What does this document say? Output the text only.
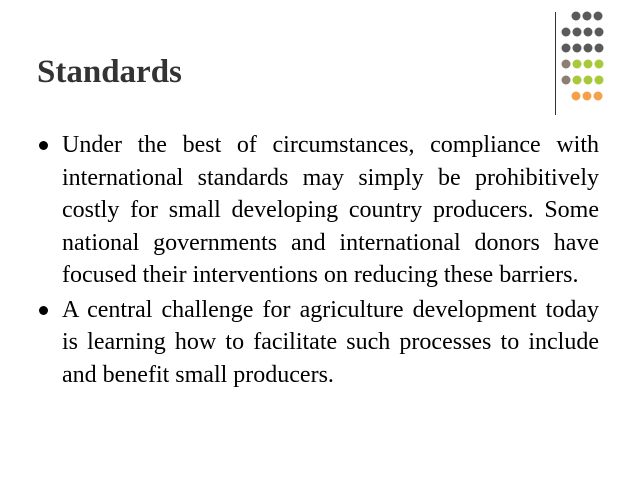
Standards
Under the best of circumstances, compliance with international standards may simply be prohibitively costly for small developing country producers. Some national governments and international donors have focused their interventions on reducing these barriers.
A central challenge for agriculture development today is learning how to facilitate such processes to include and benefit small producers.
